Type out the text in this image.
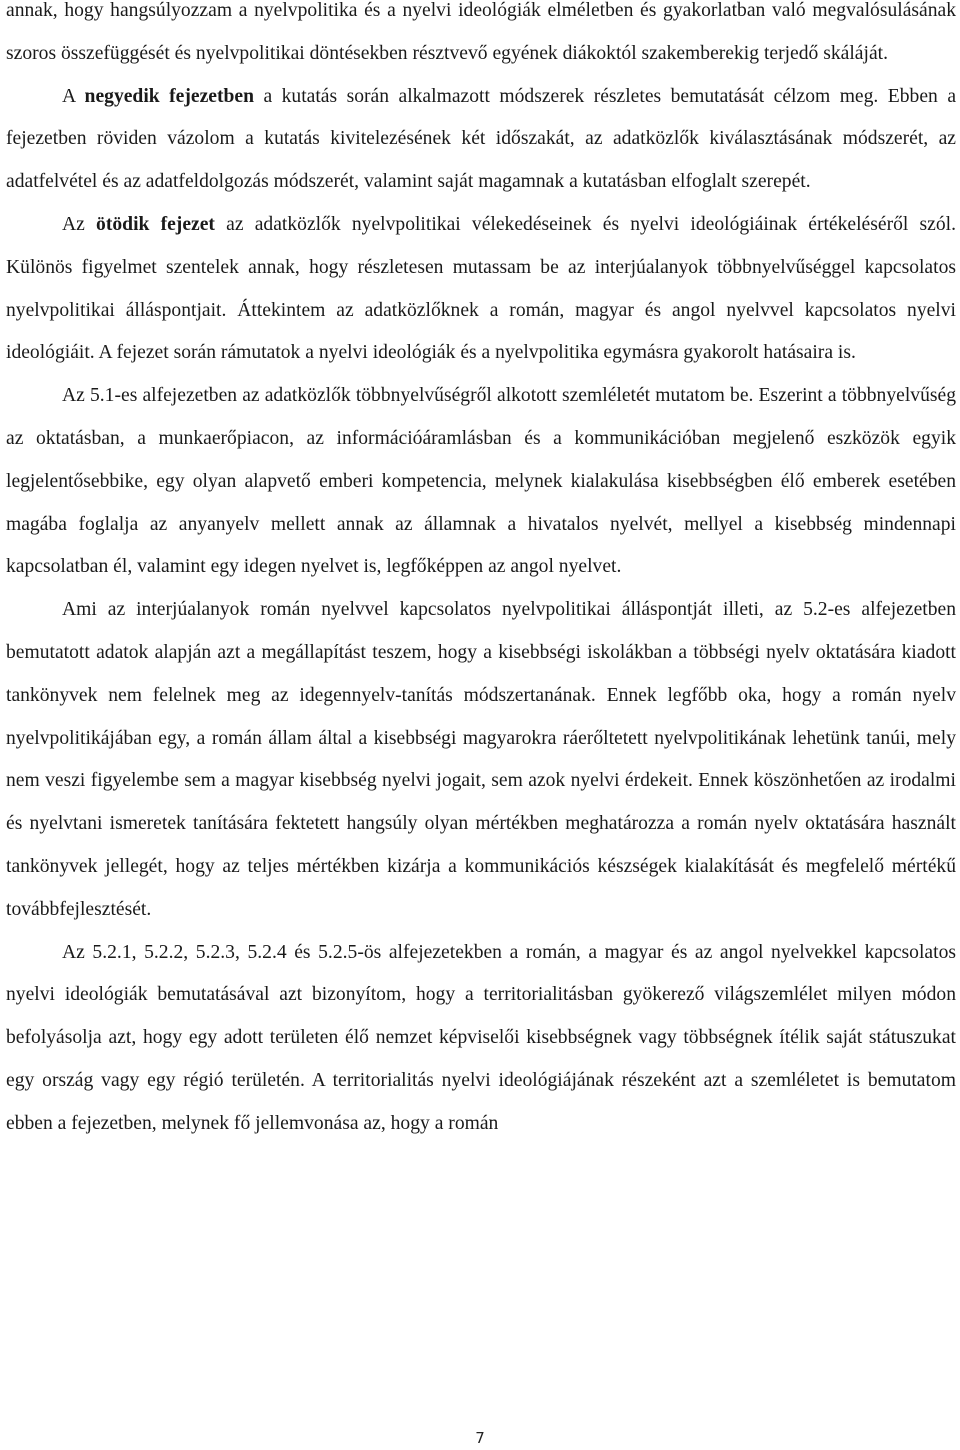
annak, hogy hangsúlyozzam a nyelvpolitika és a nyelvi ideológiák elméletben és gyakorlatban való megvalósulásának szoros összefüggését és nyelvpolitikai döntésekben résztvevő egyének diákoktól szakemberekig terjedő skáláját.

A negyedik fejezetben a kutatás során alkalmazott módszerek részletes bemutatását célzom meg. Ebben a fejezetben röviden vázolom a kutatás kivitelezésének két időszakát, az adatközlők kiválasztásának módszerét, az adatfelvétel és az adatfeldolgozás módszerét, valamint saját magamnak a kutatásban elfoglalt szerepét.

Az ötödik fejezet az adatközlők nyelvpolitikai vélekedéseinek és nyelvi ideológiáinak értékeléséről szól. Különös figyelmet szentelek annak, hogy részletesen mutassam be az interjúalanyok többnyelvűséggel kapcsolatos nyelvpolitikai álláspontjait. Áttekintem az adatközlőknek a román, magyar és angol nyelvvel kapcsolatos nyelvi ideológiáit. A fejezet során rámutatok a nyelvi ideológiák és a nyelvpolitika egymásra gyakorolt hatásaira is.

Az 5.1-es alfejezetben az adatközlők többnyelvűségről alkotott szemléletét mutatom be. Eszerint a többnyelvűség az oktatásban, a munkaerőpiacon, az információáramlásban és a kommunikációban megjelenő eszközök egyik legjelentősebbike, egy olyan alapvető emberi kompetencia, melynek kialakulása kisebbségben élő emberek esetében magába foglalja az anyanyelv mellett annak az államnak a hivatalos nyelvét, mellyel a kisebbség mindennapi kapcsolatban él, valamint egy idegen nyelvet is, legfőképpen az angol nyelvet.

Ami az interjúalanyok román nyelvvel kapcsolatos nyelvpolitikai álláspontját illeti, az 5.2-es alfejezetben bemutatott adatok alapján azt a megállapítást teszem, hogy a kisebbségi iskolákban a többségi nyelv oktatására kiadott tankönyvek nem felelnek meg az idegennyelv-tanítás módszertanának. Ennek legfőbb oka, hogy a román nyelv nyelvpolitikájában egy, a román állam által a kisebbségi magyarokra ráerőltetett nyelvpolitikának lehetünk tanúi, mely nem veszi figyelembe sem a magyar kisebbség nyelvi jogait, sem azok nyelvi érdekeit. Ennek köszönhetően az irodalmi és nyelvtani ismeretek tanítására fektetett hangsúly olyan mértékben meghatározza a román nyelv oktatására használt tankönyvek jellegét, hogy az teljes mértékben kizárja a kommunikációs készségek kialakítását és megfelelő mértékű továbbfejlesztését.

Az 5.2.1, 5.2.2, 5.2.3, 5.2.4 és 5.2.5-ös alfejezetekben a román, a magyar és az angol nyelvekkel kapcsolatos nyelvi ideológiák bemutatásával azt bizonyítom, hogy a territorialitásban gyökerező világszemlélet milyen módon befolyásolja azt, hogy egy adott területen élő nemzet képviselői kisebbségnek vagy többségnek ítélik saját státuszukat egy ország vagy egy régió területén. A territorialitás nyelvi ideológiájának részeként azt a szemléletet is bemutatom ebben a fejezetben, melynek fő jellemvonása az, hogy a román

7
